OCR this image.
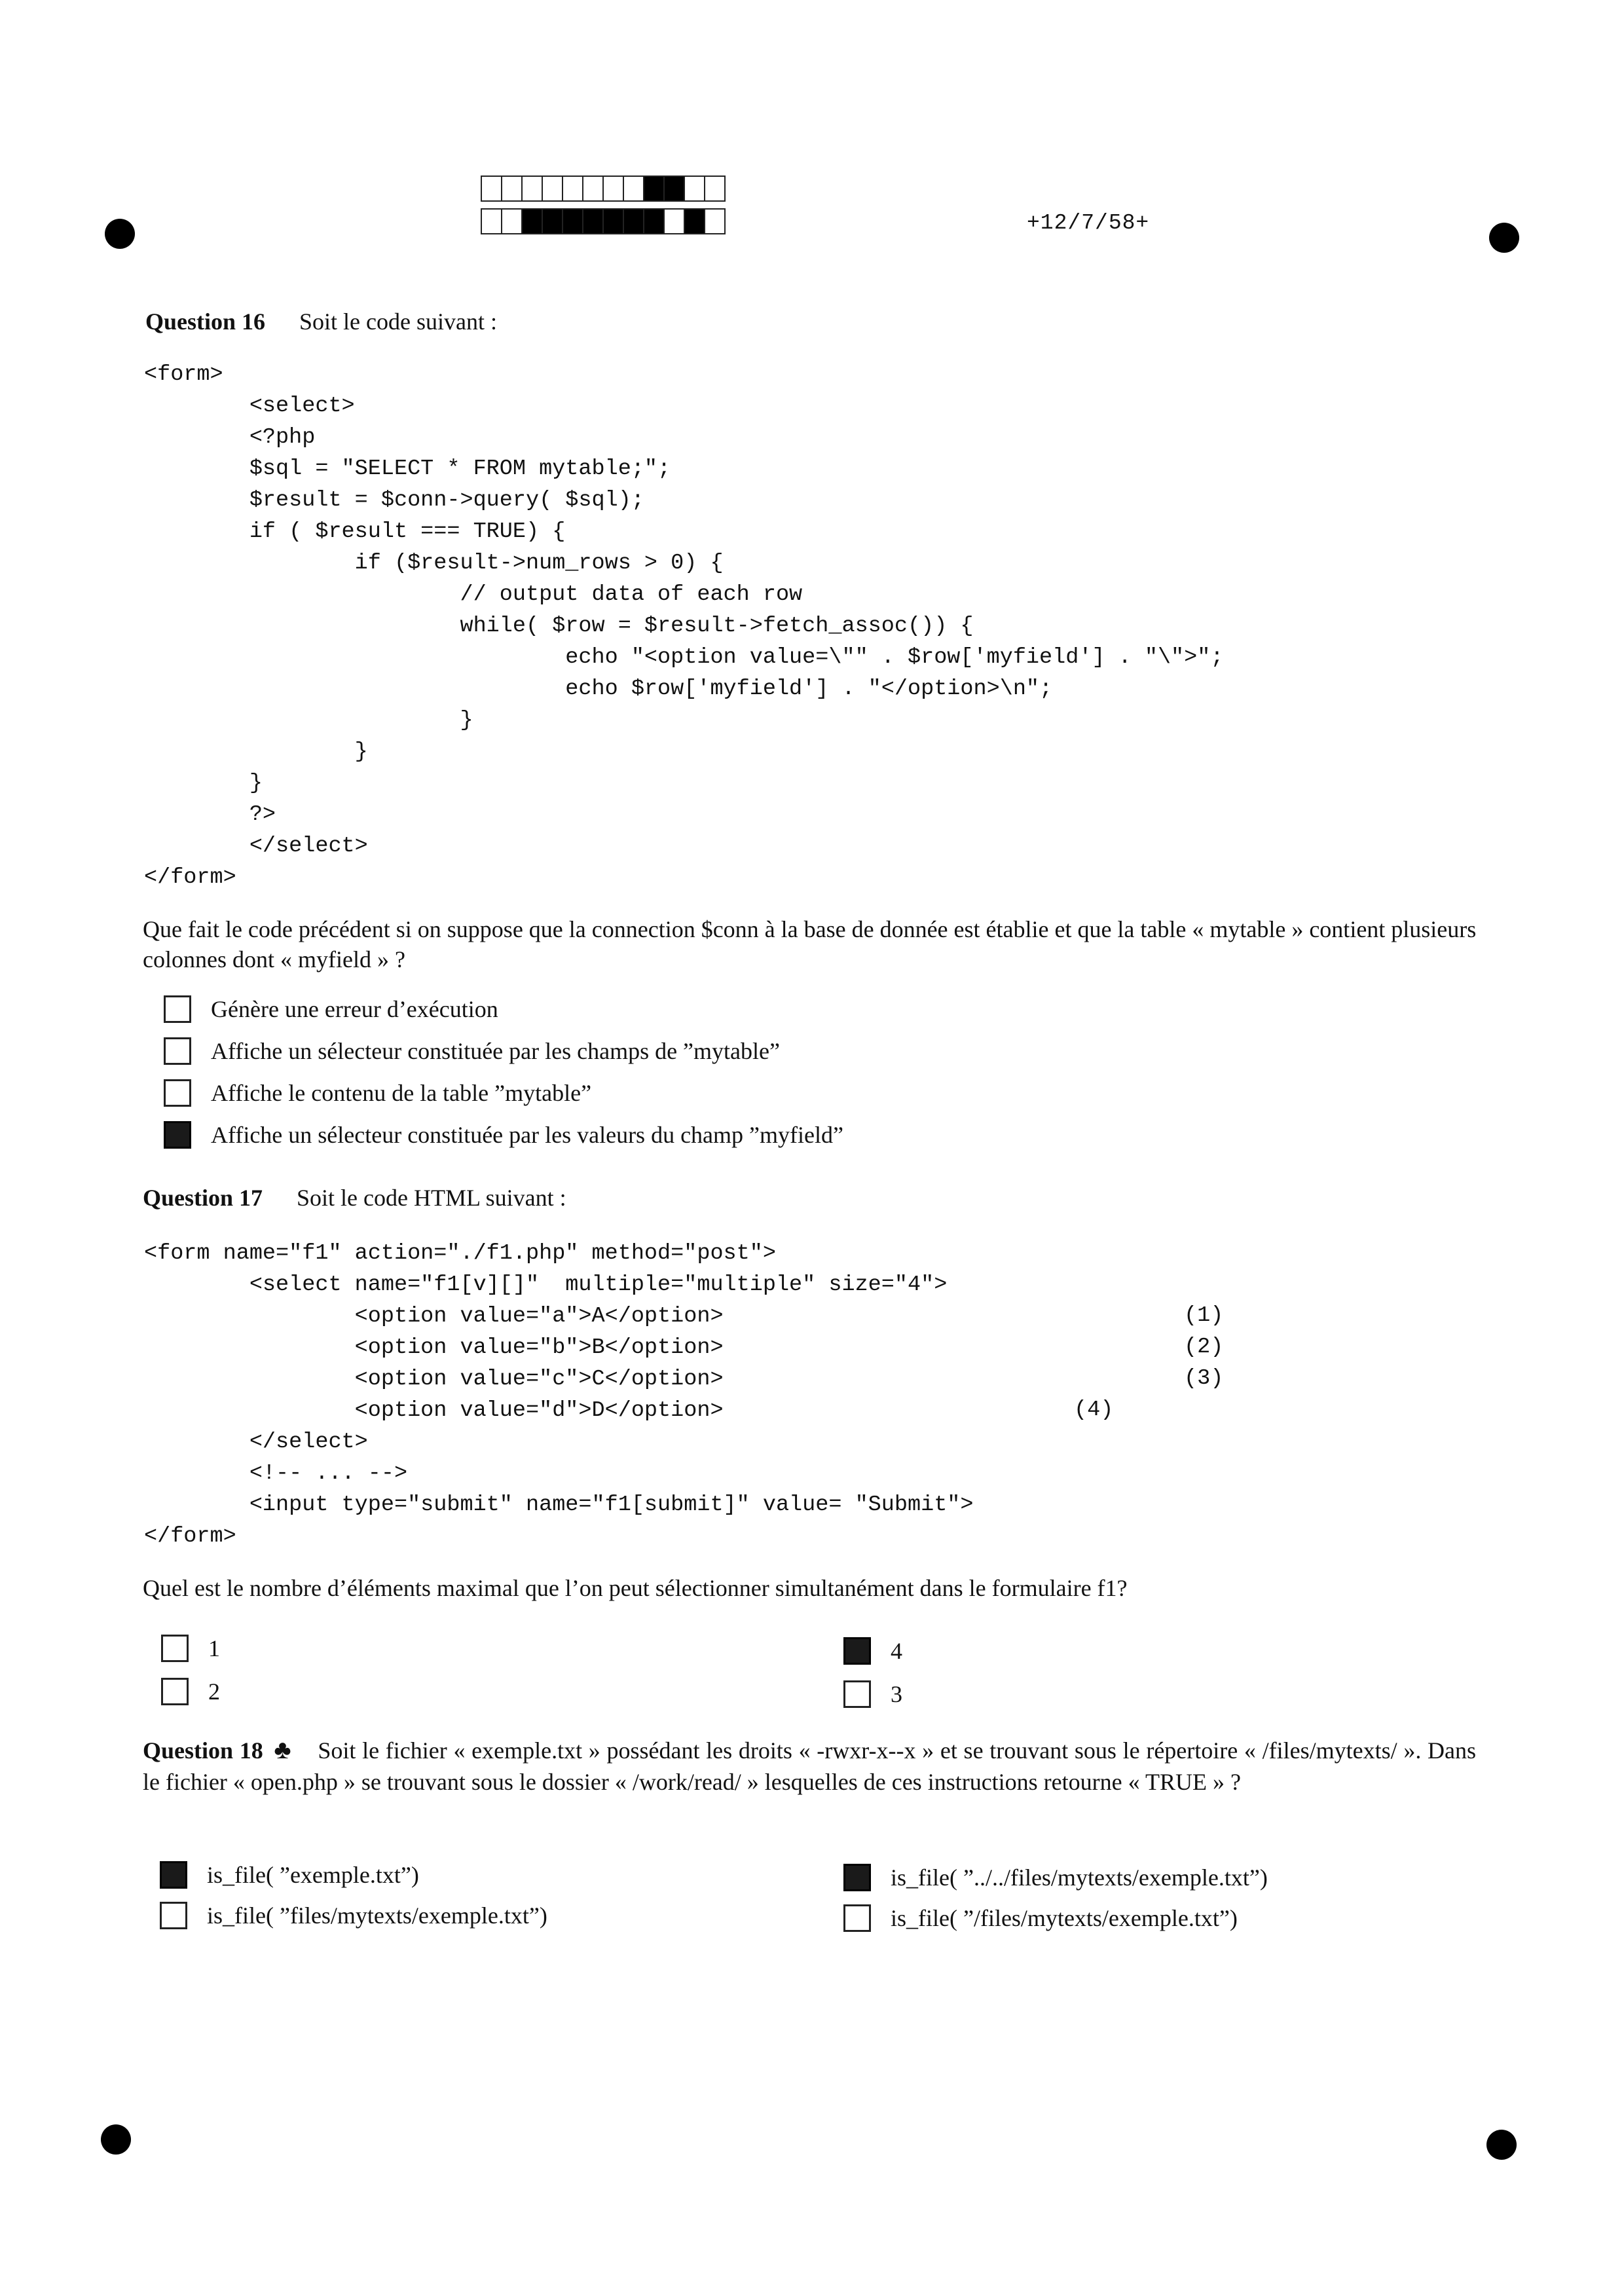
+12/7/58+
Question 16 Soit le code suivant :
<form>
<select>
<?php
$sql = "SELECT * FROM mytable;";
$result = $conn->query( $sql);
if ( $result === TRUE) {
if ($result->num_rows > 0) {
// output data of each row
while( $row = $result->fetch_assoc()) {
echo "<option value=\"" . $row['myfield'] . "\">";
echo $row['myfield'] . "</option>\n";
}
}
}
?>
</select>
</form>

Que fait le code précédent si on suppose que la connection $conn à la base de donnée est établie et que la table « mytable » contient plusieurs colonnes dont « myfield » ?

Génère une erreur d’exécution
Affiche un sélecteur constituée par les champs de ”mytable”
Affiche le contenu de la table ”mytable”
Affiche un sélecteur constituée par les valeurs du champ ”myfield”
Question 17 Soit le code HTML suivant :
<form name="f1" action="./f1.php" method="post">
<select name="f1[v][]"  multiple="multiple" size="4">
<option value="a">A</option>
<option value="b">B</option>
<option value="c">C</option>
<option value="d">D</option>
</select>
<!-- ... -->
<input type="submit" name="f1[submit]" value= "Submit">
</form>
(1)
(2)
(3)
(4)

Quel est le nombre d’éléments maximal que l’on peut sélectionner simultanément dans le formulaire f1?

1
2
4
3

Question 18 ♣ Soit le fichier « exemple.txt » possédant les droits « -rwxr-x--x » et se trouvant sous le répertoire « /files/mytexts/ ». Dans le fichier « open.php » se trouvant sous le dossier « /work/read/ » lesquelles de ces instructions retourne « TRUE » ?

is_file( ”exemple.txt”)
is_file( ”files/mytexts/exemple.txt”)
is_file( ”../../files/mytexts/exemple.txt”)
is_file( ”/files/mytexts/exemple.txt”)
